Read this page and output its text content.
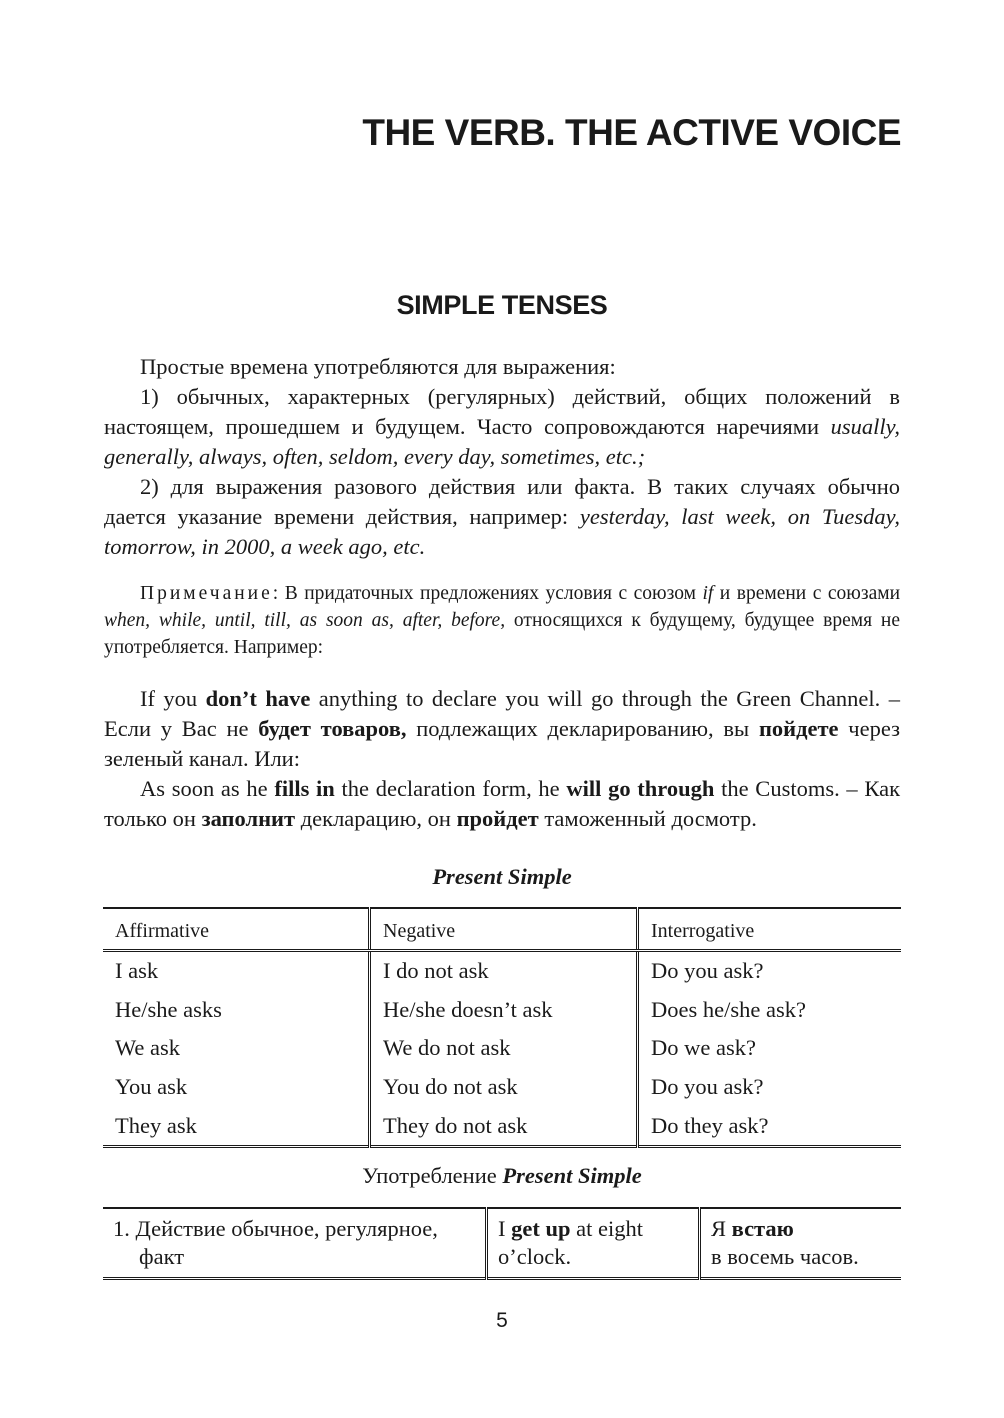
THE VERB. THE ACTIVE VOICE
SIMPLE TENSES

Простые времена употребляются для выражения:

1) обычных, характерных (регулярных) действий, общих положений в настоящем, прошедшем и будущем. Часто сопровождаются наречиями usually, generally, always, often, seldom, every day, sometimes, etc.;

2) для выражения разового действия или факта. В таких случаях обычно дается указание времени действия, например: yesterday, last week, on Tuesday, tomorrow, in 2000, a week ago, etc.

Примечание: В придаточных предложениях условия с союзом if и времени с союзами when, while, until, till, as soon as, after, before, относящихся к будущему, будущее время не употребляется. Например:

If you don’t have anything to declare you will go through the Green Channel. – Если у Вас не будет товаров, подлежащих декларированию, вы пойдете через зеленый канал. Или:

As soon as he fills in the declaration form, he will go through the Customs. – Как только он заполнит декларацию, он пройдет таможенный досмотр.

Present Simple

Affirmative	Negative	Interrogative
I ask	I do not ask	Do you ask?
He/she asks	He/she doesn’t ask	Does he/she ask?
We ask	We do not ask	Do we ask?
You ask	You do not ask	Do you ask?
They ask	They do not ask	Do they ask?

Употребление Present Simple

1. Действие обычное, регулярное,
факт
	I get up at eight
o’clock.	Я встаю
в восемь часов.

5
